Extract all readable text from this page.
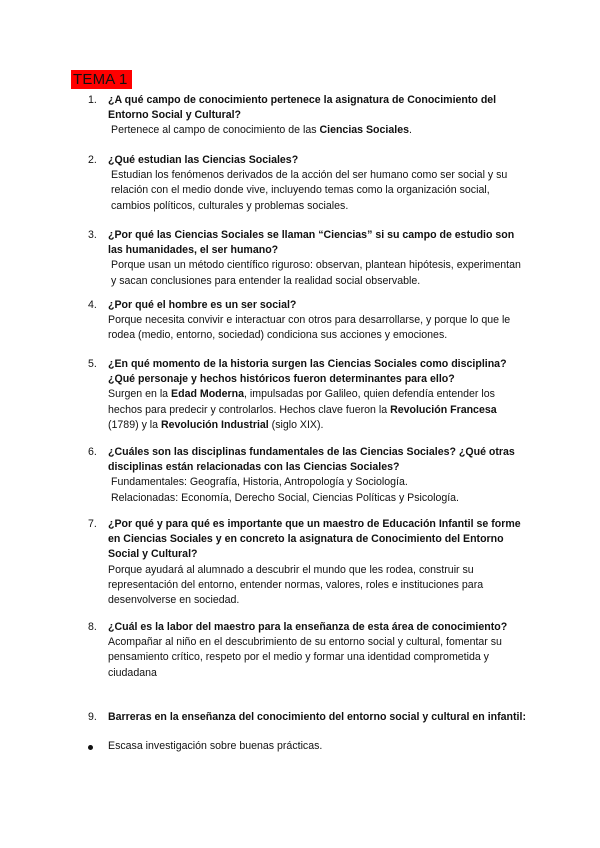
TEMA 1
1. ¿A qué campo de conocimiento pertenece la asignatura de Conocimiento del Entorno Social y Cultural?
Pertenece al campo de conocimiento de las Ciencias Sociales.
2. ¿Qué estudian las Ciencias Sociales?
Estudian los fenómenos derivados de la acción del ser humano como ser social y su relación con el medio donde vive, incluyendo temas como la organización social, cambios políticos, culturales y problemas sociales.
3. ¿Por qué las Ciencias Sociales se llaman “Ciencias” si su campo de estudio son las humanidades, el ser humano?
Porque usan un método científico riguroso: observan, plantean hipótesis, experimentan y sacan conclusiones para entender la realidad social observable.
4. ¿Por qué el hombre es un ser social?
Porque necesita convivir e interactuar con otros para desarrollarse, y porque lo que le rodea (medio, entorno, sociedad) condiciona sus acciones y emociones.
5. ¿En qué momento de la historia surgen las Ciencias Sociales como disciplina? ¿Qué personaje y hechos históricos fueron determinantes para ello?
Surgen en la Edad Moderna, impulsadas por Galileo, quien defendía entender los hechos para predecir y controlarlos. Hechos clave fueron la Revolución Francesa (1789) y la Revolución Industrial (siglo XIX).
6. ¿Cuáles son las disciplinas fundamentales de las Ciencias Sociales? ¿Qué otras disciplinas están relacionadas con las Ciencias Sociales?
Fundamentales: Geografía, Historia, Antropología y Sociología.
Relacionadas: Economía, Derecho Social, Ciencias Políticas y Psicología.
7. ¿Por qué y para qué es importante que un maestro de Educación Infantil se forme en Ciencias Sociales y en concreto la asignatura de Conocimiento del Entorno Social y Cultural?
Porque ayudará al alumnado a descubrir el mundo que les rodea, construir su representación del entorno, entender normas, valores, roles e instituciones para desenvolverse en sociedad.
8. ¿Cuál es la labor del maestro para la enseñanza de esta área de conocimiento?
Acompañar al niño en el descubrimiento de su entorno social y cultural, fomentar su pensamiento crítico, respeto por el medio y formar una identidad comprometida y ciudadana
9. Barreras en la enseñanza del conocimiento del entorno social y cultural en infantil:
Escasa investigación sobre buenas prácticas.
